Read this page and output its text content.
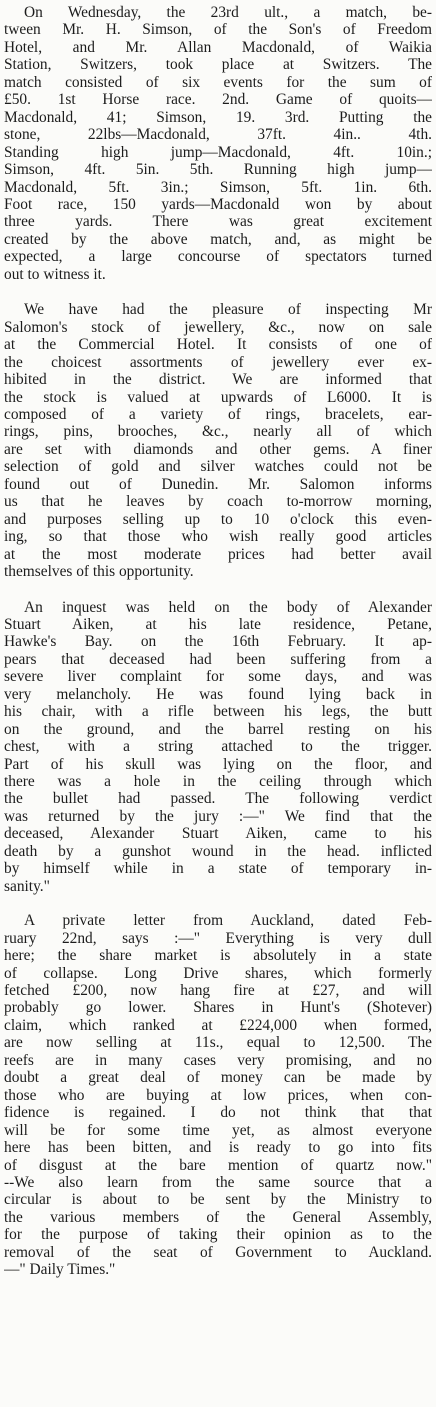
On Wednesday, the 23rd ult., a match, be-
tween Mr. H. Simson, of the Son's of Freedom
Hotel, and Mr. Allan Macdonald, of Waikia
Station, Switzers, took place at Switzers. The
match consisted of six events for the sum of
£50. 1st Horse race. 2nd. Game of quoits—
Macdonald, 41; Simson, 19. 3rd. Putting the
stone, 22lbs—Macdonald, 37ft. 4in.. 4th.
Standing high jump—Macdonald, 4ft. 10in.;
Simson, 4ft. 5in. 5th. Running high jump—
Macdonald, 5ft. 3in.; Simson, 5ft. 1in. 6th.
Foot race, 150 yards—Macdonald won by about
three yards. There was great excitement
created by the above match, and, as might be
expected, a large concourse of spectators turned
out to witness it.
We have had the pleasure of inspecting Mr
Salomon's stock of jewellery, &c., now on sale
at the Commercial Hotel. It consists of one of
the choicest assortments of jewellery ever ex-
hibited in the district. We are informed that
the stock is valued at upwards of L6000. It is
composed of a variety of rings, bracelets, ear-
rings, pins, brooches, &c., nearly all of which
are set with diamonds and other gems. A finer
selection of gold and silver watches could not be
found out of Dunedin. Mr. Salomon informs
us that he leaves by coach to-morrow morning,
and purposes selling up to 10 o'clock this even-
ing, so that those who wish really good articles
at the most moderate prices had better avail
themselves of this opportunity.
An inquest was held on the body of Alexander
Stuart Aiken, at his late residence, Petane,
Hawke's Bay. on the 16th February. It ap-
pears that deceased had been suffering from a
severe liver complaint for some days, and was
very melancholy. He was found lying back in
his chair, with a rifle between his legs, the butt
on the ground, and the barrel resting on his
chest, with a string attached to the trigger.
Part of his skull was lying on the floor, and
there was a hole in the ceiling through which
the bullet had passed. The following verdict
was returned by the jury :—" We find that the
deceased, Alexander Stuart Aiken, came to his
death by a gunshot wound in the head. inflicted
by himself while in a state of temporary in-
sanity."
A private letter from Auckland, dated Feb-
ruary 22nd, says :—" Everything is very dull
here; the share market is absolutely in a state
of collapse. Long Drive shares, which formerly
fetched £200, now hang fire at £27, and will
probably go lower. Shares in Hunt's (Shotever)
claim, which ranked at £224,000 when formed,
are now selling at 11s., equal to 12,500. The
reefs are in many cases very promising, and no
doubt a great deal of money can be made by
those who are buying at low prices, when con-
fidence is regained. I do not think that that
will be for some time yet, as almost everyone
here has been bitten, and is ready to go into fits
of disgust at the bare mention of quartz now."
--We also learn from the same source that a
circular is about to be sent by the Ministry to
the various members of the General Assembly,
for the purpose of taking their opinion as to the
removal of the seat of Government to Auckland.
—" Daily Times."
